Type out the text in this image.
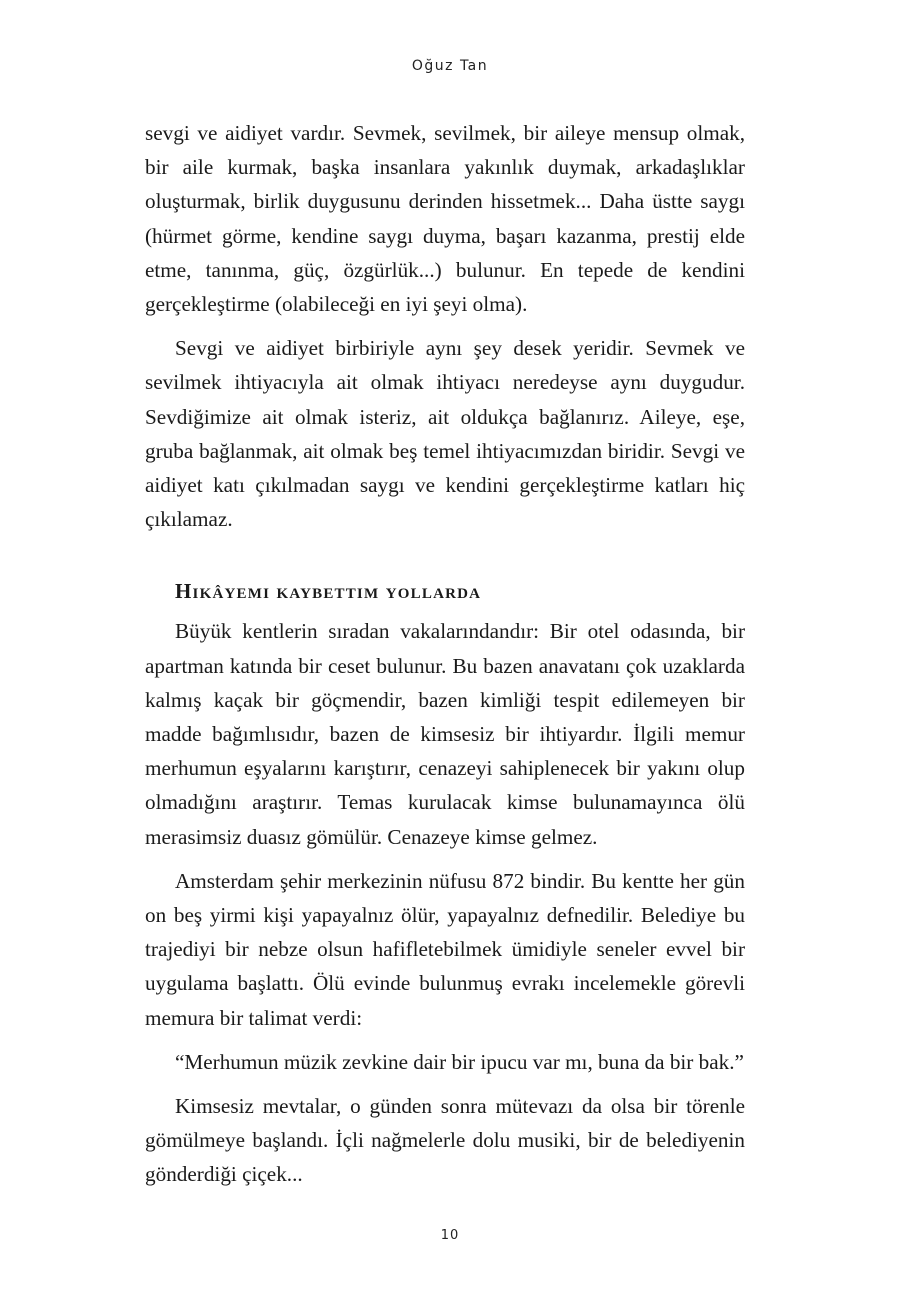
Oğuz Tan

sevgi ve aidiyet vardır. Sevmek, sevilmek, bir aileye mensup olmak, bir aile kurmak, başka insanlara yakınlık duymak, arkadaşlıklar oluşturmak, birlik duygusunu derinden hissetmek... Daha üstte saygı (hürmet görme, kendine saygı duyma, başarı kazanma, prestij elde etme, tanınma, güç, özgürlük...) bulunur. En tepede de kendini gerçekleştirme (olabileceği en iyi şeyi olma).

Sevgi ve aidiyet birbiriyle aynı şey desek yeridir. Sevmek ve sevilmek ihtiyacıyla ait olmak ihtiyacı neredeyse aynı duygudur. Sevdiğimize ait olmak isteriz, ait oldukça bağlanırız. Aileye, eşe, gruba bağlanmak, ait olmak beş temel ihtiyacımızdan biridir. Sevgi ve aidiyet katı çıkılmadan saygı ve kendini gerçekleştirme katları hiç çıkılamaz.

Hikâyemi kaybettim yollarda

Büyük kentlerin sıradan vakalarındandır: Bir otel odasında, bir apartman katında bir ceset bulunur. Bu bazen anavatanı çok uzaklarda kalmış kaçak bir göçmendir, bazen kimliği tespit edilemeyen bir madde bağımlısıdır, bazen de kimsesiz bir ihtiyardır. İlgili memur merhumun eşyalarını karıştırır, cenazeyi sahiplenecek bir yakını olup olmadığını araştırır. Temas kurulacak kimse bulunamayınca ölü merasimsiz duasız gömülür. Cenazeye kimse gelmez.

Amsterdam şehir merkezinin nüfusu 872 bindir. Bu kentte her gün on beş yirmi kişi yapayalnız ölür, yapayalnız defnedilir. Belediye bu trajediyi bir nebze olsun hafifletebilmek ümidiyle seneler evvel bir uygulama başlattı. Ölü evinde bulunmuş evrakı incelemekle görevli memura bir talimat verdi:

“Merhumun müzik zevkine dair bir ipucu var mı, buna da bir bak.”

Kimsesiz mevtalar, o günden sonra mütevazı da olsa bir törenle gömülmeye başlandı. İçli nağmelerle dolu musiki, bir de belediyenin gönderdiği çiçek...

10
